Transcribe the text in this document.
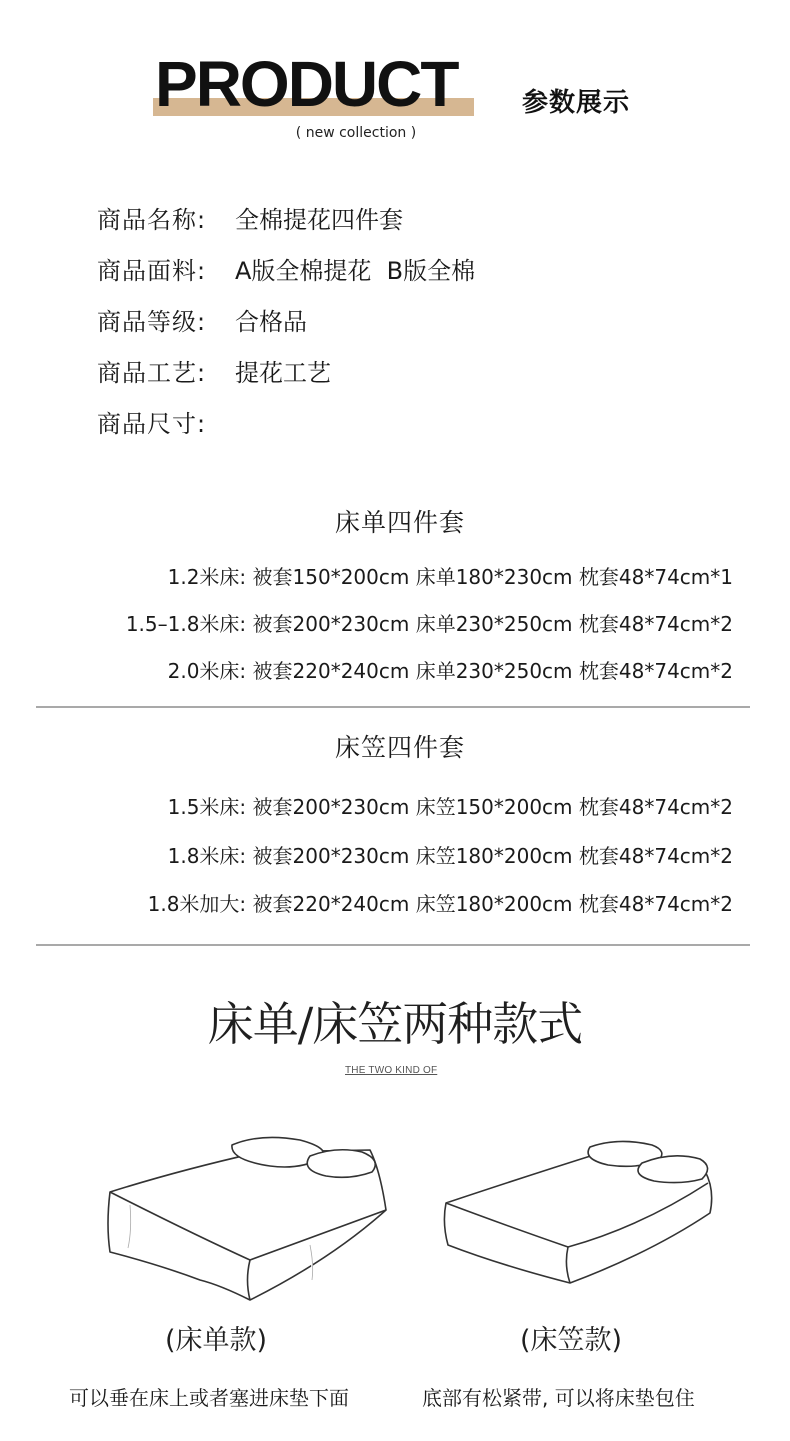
PRODUCT 参数展示
( new collection )
商品名称: 全棉提花四件套
商品面料: A版全棉提花  B版全棉
商品等级: 合格品
商品工艺: 提花工艺
商品尺寸:
床单四件套
1.2米床: 被套150*200cm 床单180*230cm 枕套48*74cm*1
1.5–1.8米床: 被套200*230cm 床单230*250cm 枕套48*74cm*2
2.0米床: 被套220*240cm 床单230*250cm 枕套48*74cm*2
床笠四件套
1.5米床: 被套200*230cm 床笠150*200cm 枕套48*74cm*2
1.8米床: 被套200*230cm 床笠180*200cm 枕套48*74cm*2
1.8米加大: 被套220*240cm 床笠180*200cm 枕套48*74cm*2
床单/床笠两种款式
THE TWO KIND OF
(床单款)	(床笠款)
可以垂在床上或者塞进床垫下面	底部有松紧带, 可以将床垫包住
